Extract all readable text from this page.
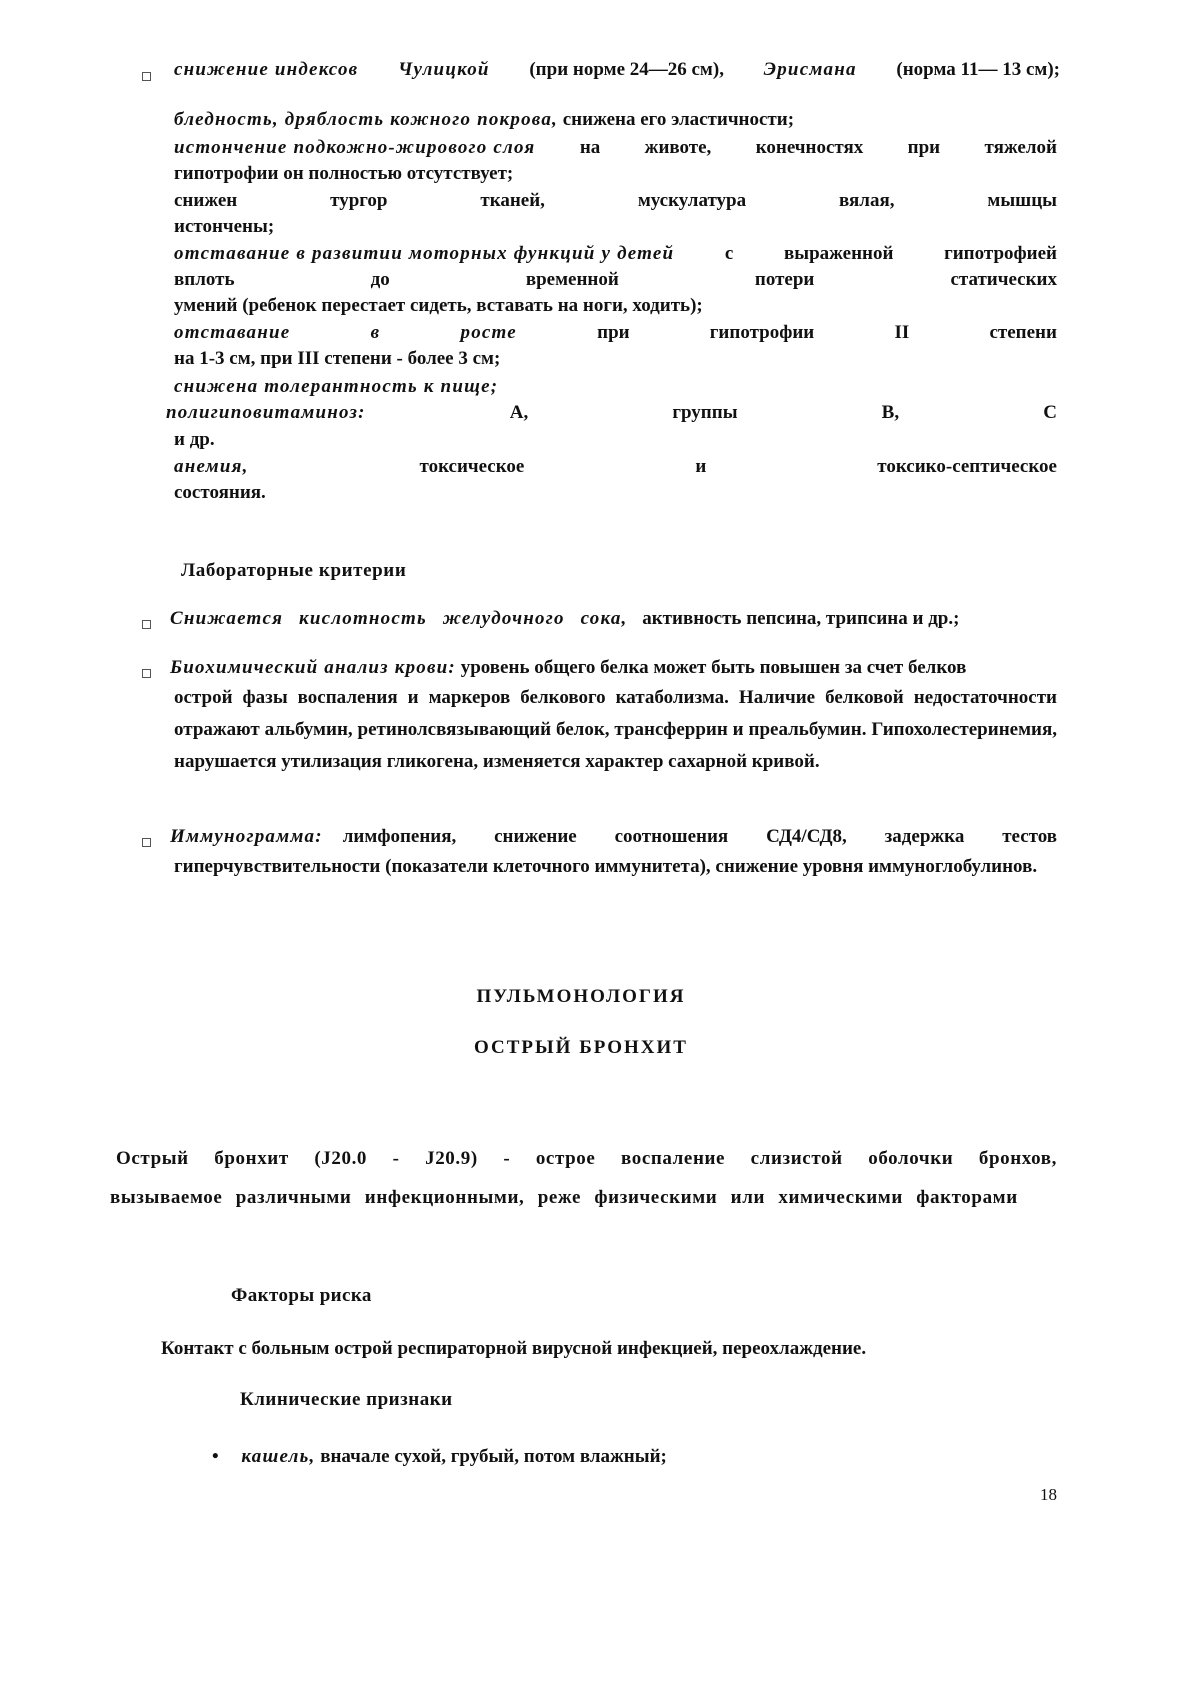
снижение индексов Чулицкой (при норме 24—26 см), Эрисмана (норма 11— 13 см);
бледность, дряблость кожного покрова, снижена его эластичности;
истончение подкожно-жирового слоя на животе, конечностях при тяжелой
гипотрофии он полностью отсутствует;
снижен	тургор	тканей,	мускулатура	вялая,	мышцы
истончены;
отставание в развитии моторных функций у детей	с	выраженной	гипотрофией
вплоть	до	временной	потери	статических
умений (ребенок перестает сидеть, вставать на ноги, ходить);
отставание	в	росте	при	гипотрофии	II	степени
на 1-3 см, при III степени - более 3 см;
снижена толерантность к пище;
полигиповитаминоз:	А,	группы	В,	С
и др.
анемия,	токсическое	и	токсико-септическое
состояния.
Лабораторные критерии
Снижается кислотность желудочного сока, активность пепсина, трипсина и др.;
Биохимический анализ крови: уровень общего белка может быть повышен за счет белков
острой фазы воспаления и маркеров белкового катаболизма. Наличие белковой недостаточности отражают альбумин, ретинолсвязывающий белок, трансферрин и преальбумин. Гипохолестеринемия, нарушается утилизация гликогена, изменяется характер сахарной кривой.
Иммунограмма: лимфопения, снижение соотношения СД4/СД8, задержка тестов
гиперчувствительности (показатели клеточного иммунитета), снижение уровня иммуноглобулинов.
ПУЛЬМОНОЛОГИЯ
ОСТРЫЙ БРОНХИТ
Острый бронхит (J20.0 - J20.9) - острое воспаление слизистой оболочки бронхов, вызываемое различными инфекционными, реже физическими или химическими факторами
Факторы риска
Контакт с больным острой респираторной вирусной инфекцией, переохлаждение.
Клинические признаки
• кашель, вначале сухой, грубый, потом влажный;
18
